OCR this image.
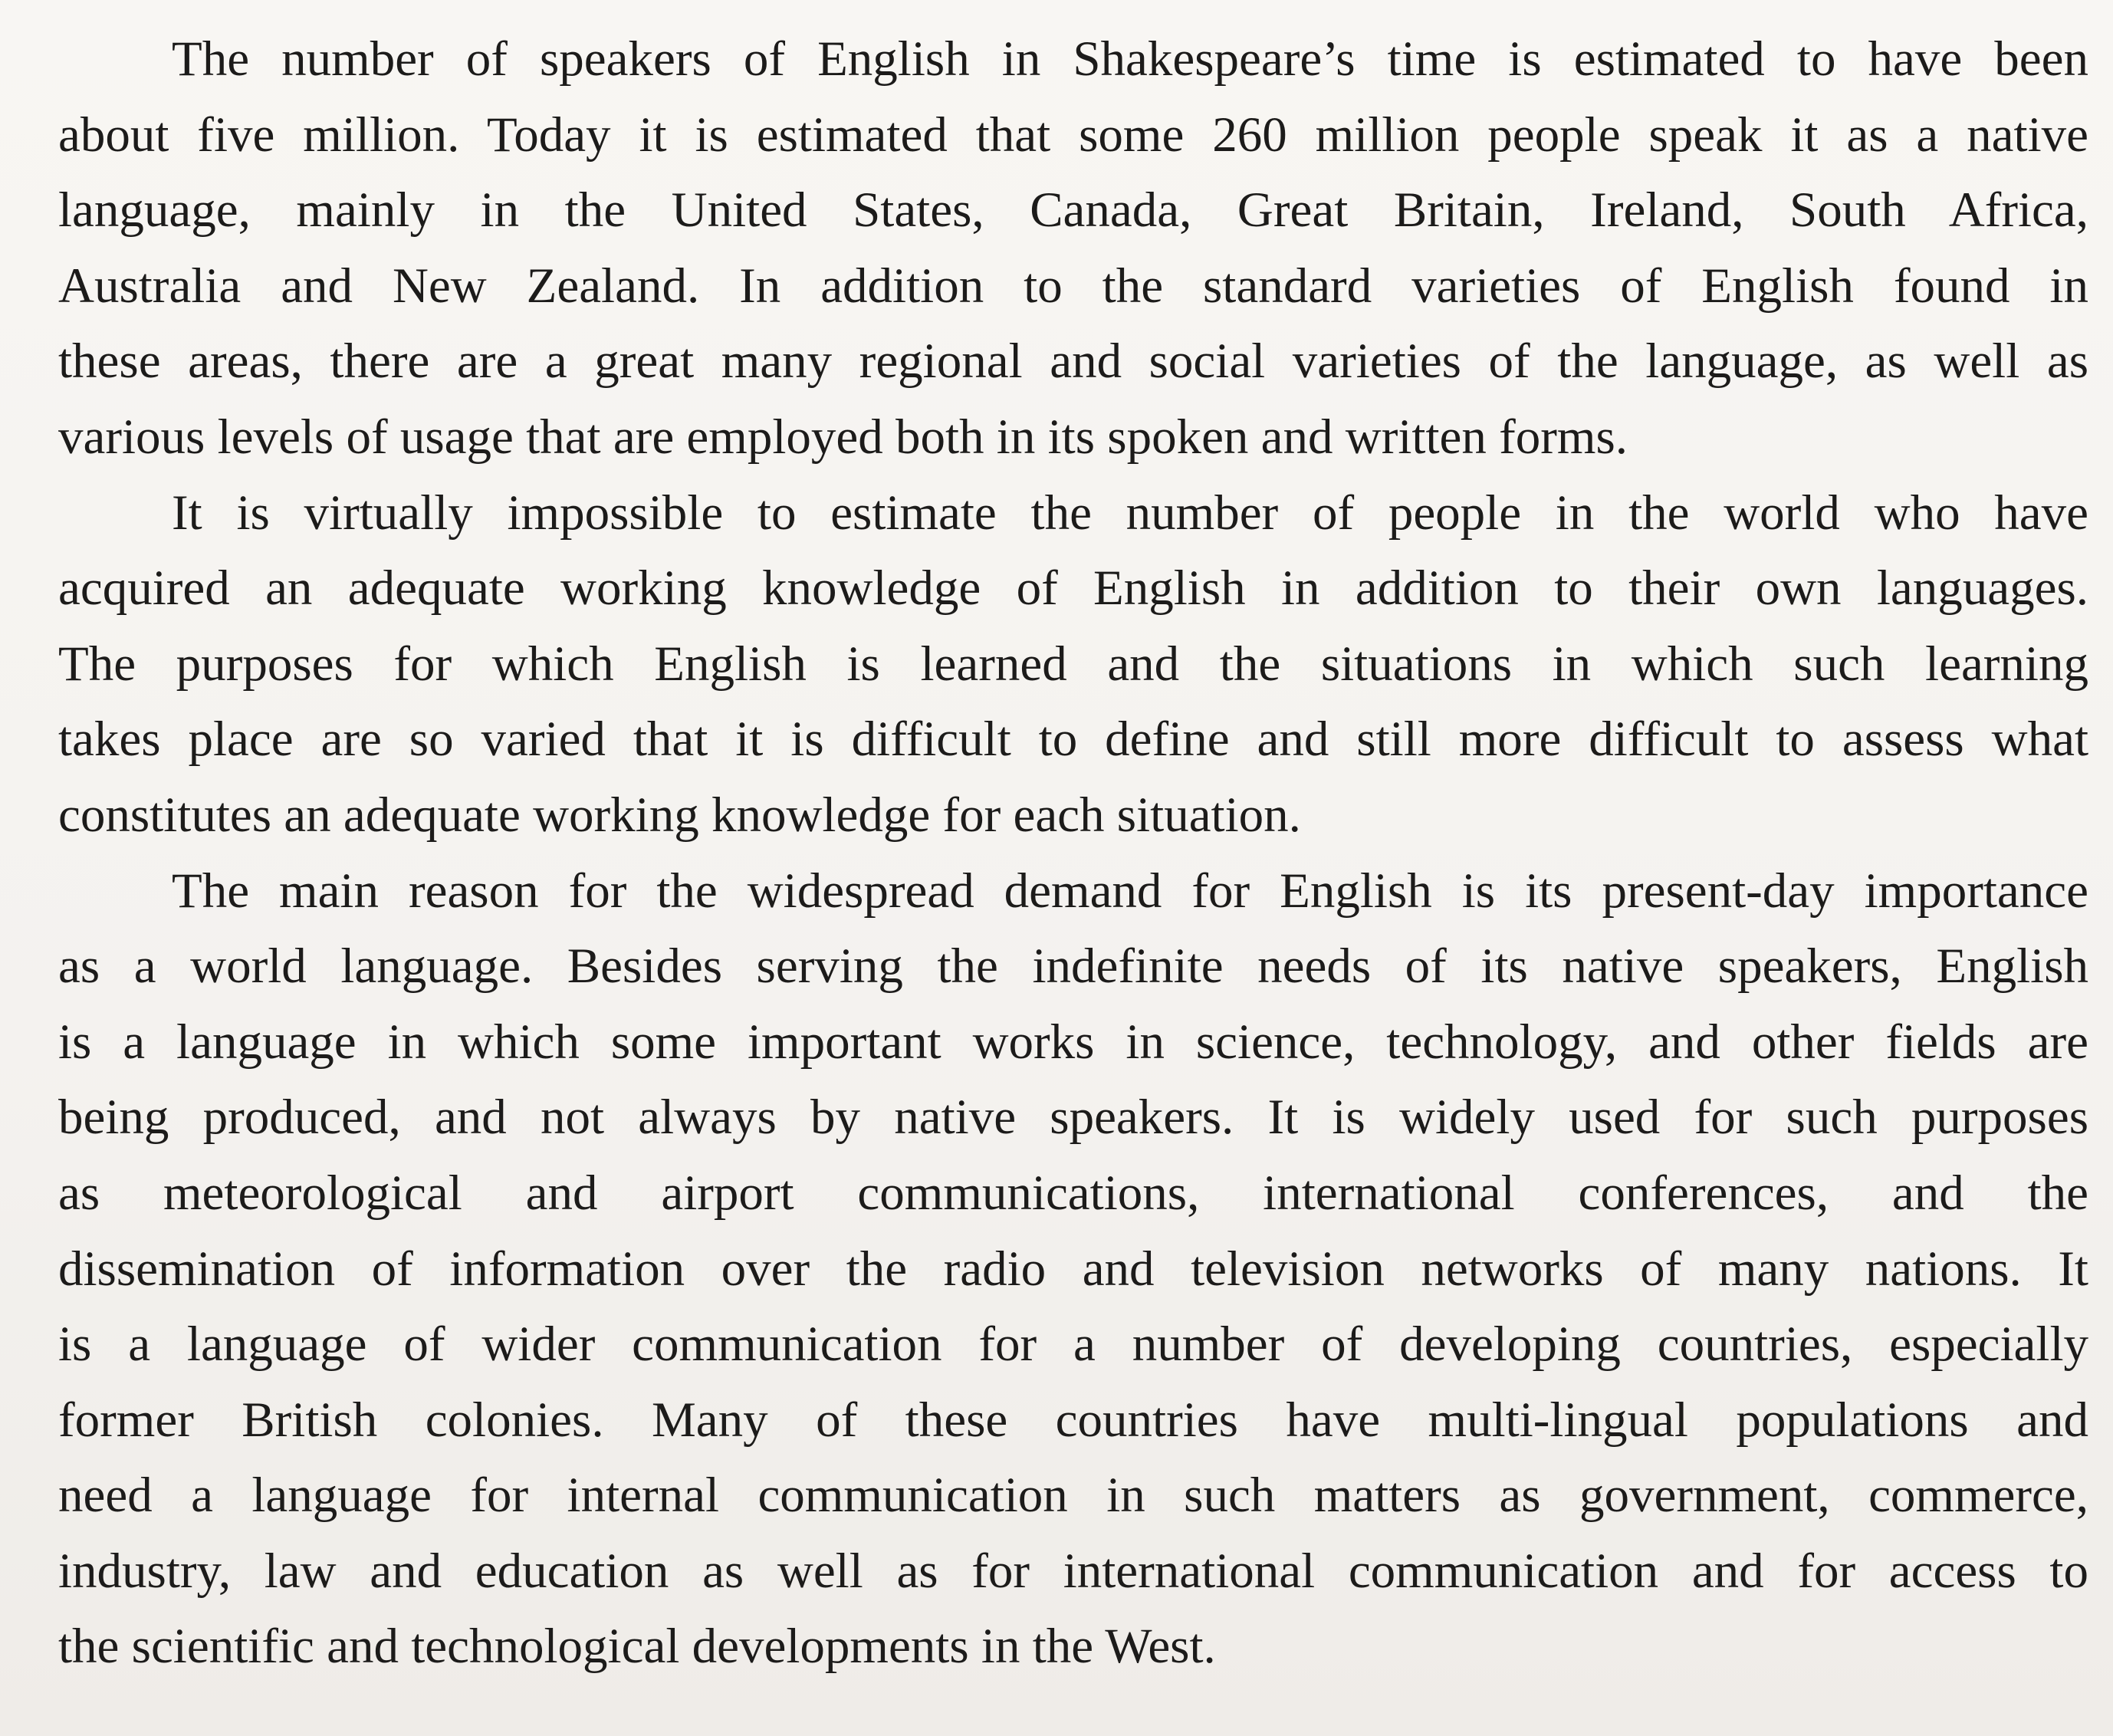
The number of speakers of English in Shakespeare’s time is estimated to have been
about five million. Today it is estimated that some 260 million people speak it as a native
language, mainly in the United States, Canada, Great Britain, Ireland, South Africa,
Australia and New Zealand. In addition to the standard varieties of English found in
these areas, there are a great many regional and social varieties of the language, as well as
various levels of usage that are employed both in its spoken and written forms.
It is virtually impossible to estimate the number of people in the world who have
acquired an adequate working knowledge of English in addition to their own languages.
The purposes for which English is learned and the situations in which such learning
takes place are so varied that it is difficult to define and still more difficult to assess what
constitutes an adequate working knowledge for each situation.
The main reason for the widespread demand for English is its present-day importance
as a world language. Besides serving the indefinite needs of its native speakers, English
is a language in which some important works in science, technology, and other fields are
being produced, and not always by native speakers. It is widely used for such purposes
as meteorological and airport communications, international conferences, and the
dissemination of information over the radio and television networks of many nations. It
is a language of wider communication for a number of developing countries, especially
former British colonies. Many of these countries have multi-lingual populations and
need a language for internal communication in such matters as government, commerce,
industry, law and education as well as for international communication and for access to
the scientific and technological developments in the West.
